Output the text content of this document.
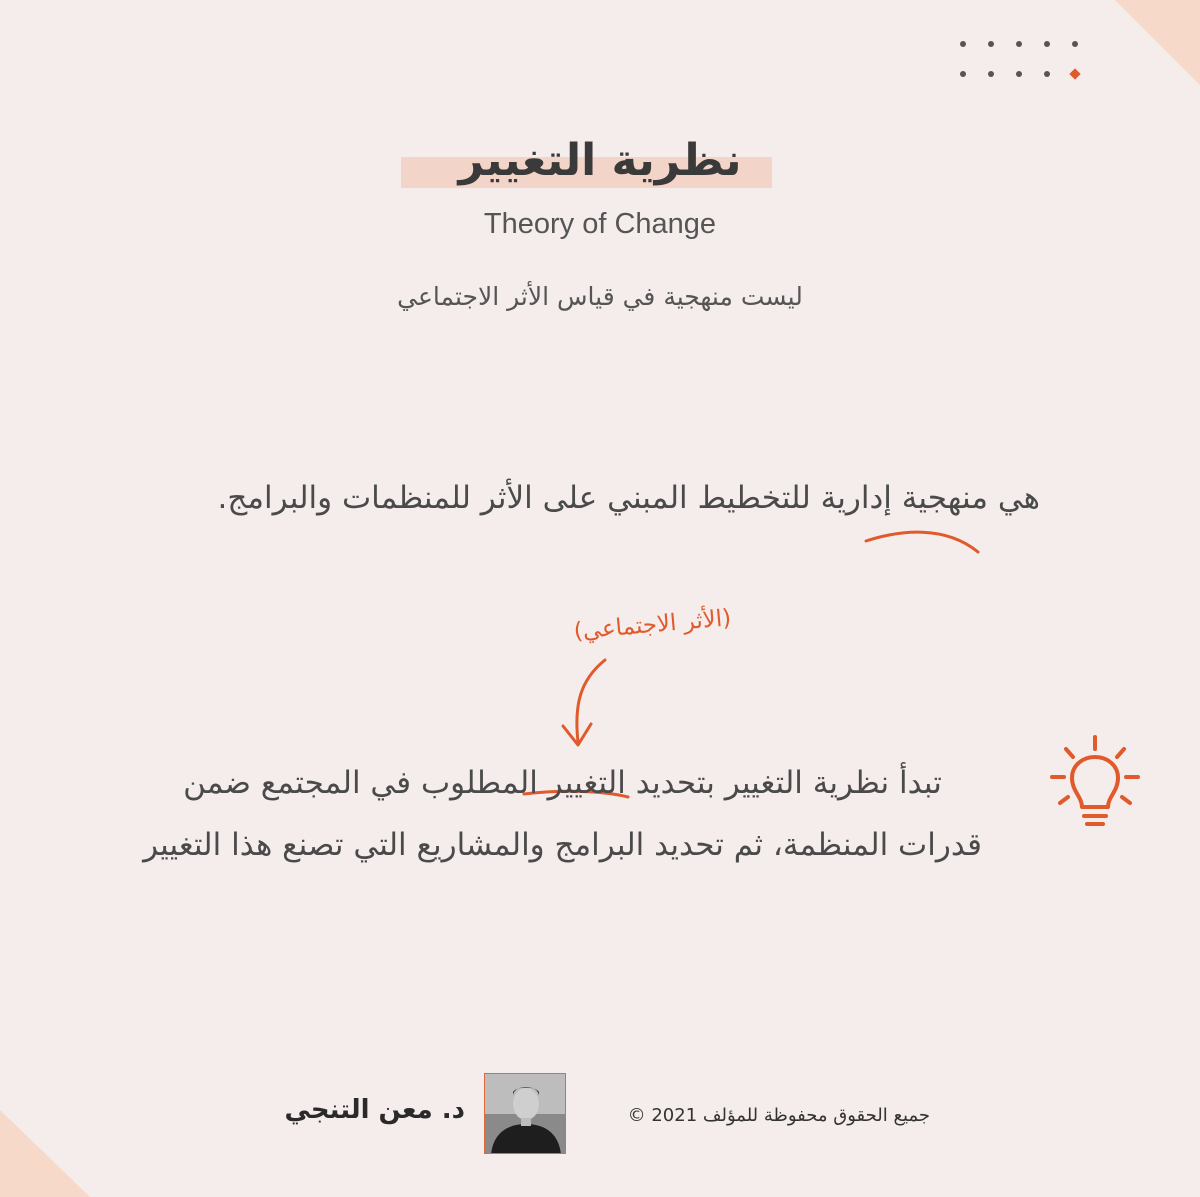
نظرية التغيير
Theory of Change
ليست منهجية في قياس الأثر الاجتماعي
هي منهجية إدارية للتخطيط المبني على الأثر للمنظمات والبرامج.
(الأثر الاجتماعي)
تبدأ نظرية التغيير بتحديد التغيير المطلوب في المجتمع ضمن
قدرات المنظمة، ثم تحديد البرامج والمشاريع التي تصنع هذا التغيير
د. معن التنجي	جميع الحقوق محفوظة للمؤلف 2021 ©
